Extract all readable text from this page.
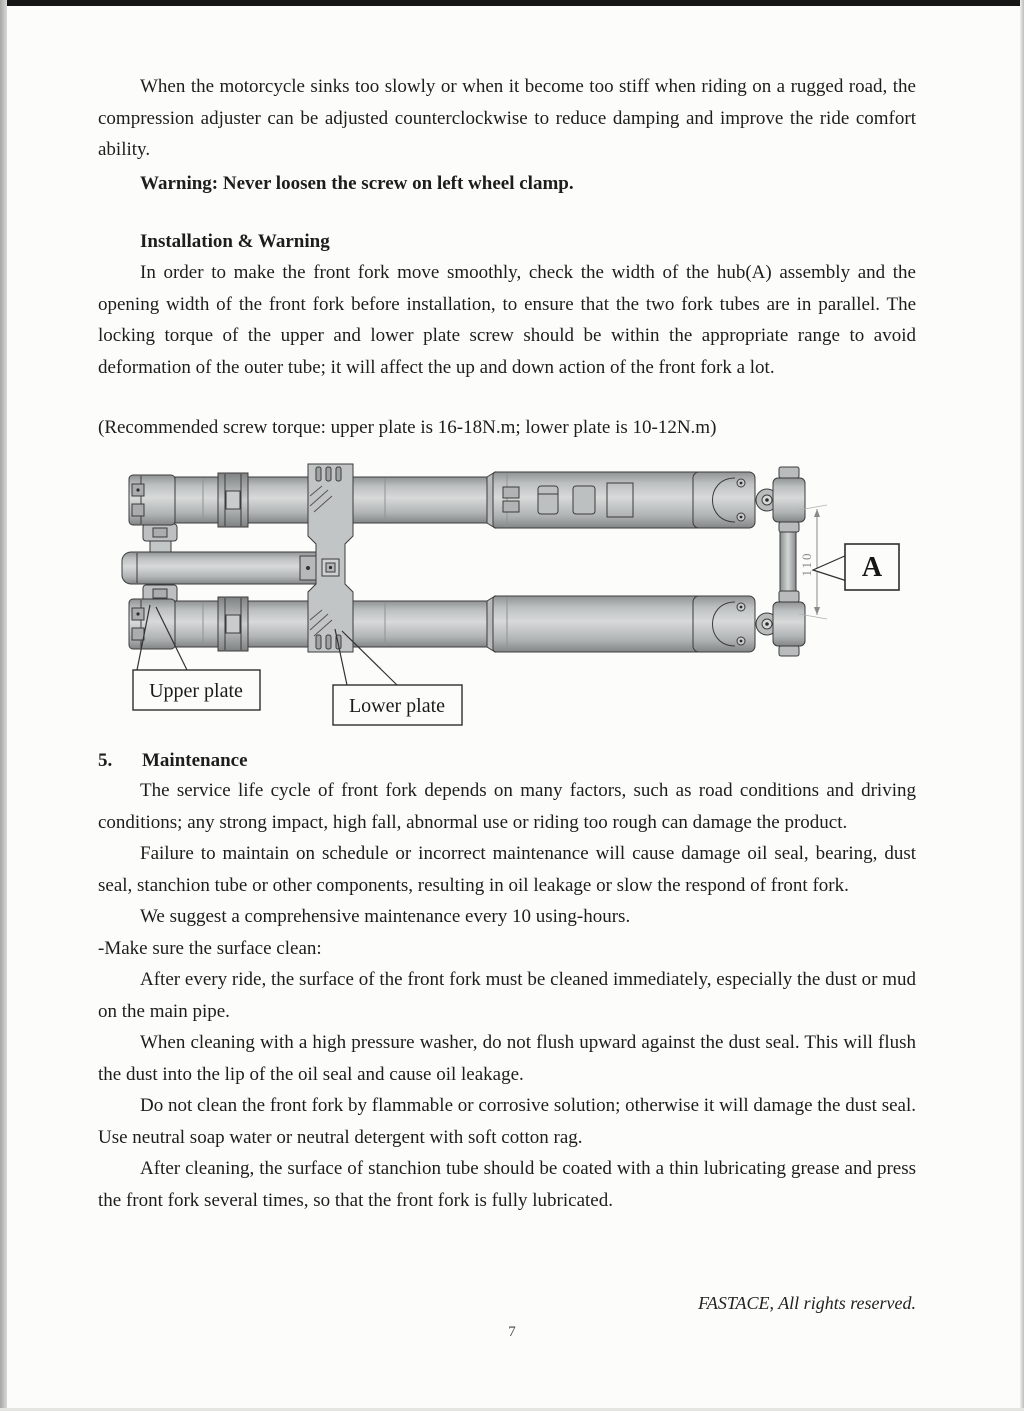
When the motorcycle sinks too slowly or when it become too stiff when riding on a rugged road, the compression adjuster can be adjusted counterclockwise to reduce damping and improve the ride comfort ability.

Warning: Never loosen the screw on left wheel clamp.

Installation & Warning

In order to make the front fork move smoothly, check the width of the hub(A) assembly and the opening width of the front fork before installation, to ensure that the two fork tubes are in parallel. The locking torque of the upper and lower plate screw should be within the appropriate range to avoid deformation of the outer tube; it will affect the up and down action of the front fork a lot.

(Recommended screw torque: upper plate is 16-18N.m; lower plate is 10-12N.m)

110 A
Upper plate
Lower plate
5. Maintenance

The service life cycle of front fork depends on many factors, such as road conditions and driving conditions; any strong impact, high fall, abnormal use or riding too rough can damage the product.

Failure to maintain on schedule or incorrect maintenance will cause damage oil seal, bearing, dust seal, stanchion tube or other components, resulting in oil leakage or slow the respond of front fork.

We suggest a comprehensive maintenance every 10 using-hours.

-Make sure the surface clean:

After every ride, the surface of the front fork must be cleaned immediately, especially the dust or mud on the main pipe.

When cleaning with a high pressure washer, do not flush upward against the dust seal. This will flush the dust into the lip of the oil seal and cause oil leakage.

Do not clean the front fork by flammable or corrosive solution; otherwise it will damage the dust seal. Use neutral soap water or neutral detergent with soft cotton rag.

After cleaning, the surface of stanchion tube should be coated with a thin lubricating grease and press the front fork several times, so that the front fork is fully lubricated.

FASTACE, All rights reserved.
7
